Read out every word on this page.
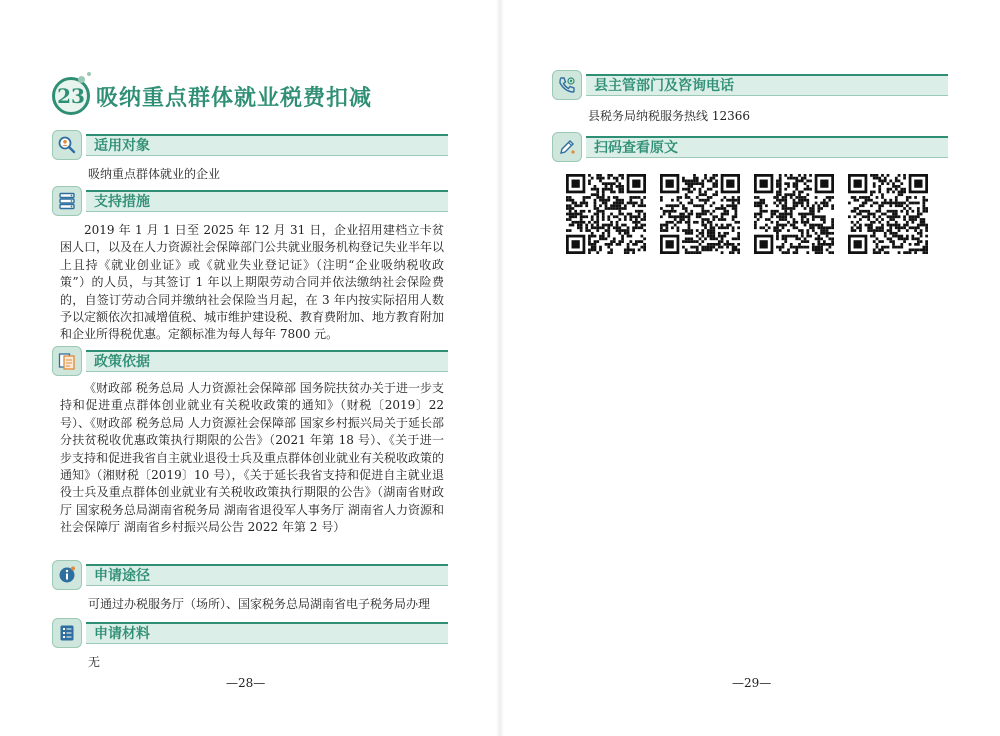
23 吸纳重点群体就业税费扣减
适用对象
吸纳重点群体就业的企业
支持措施
2019 年 1 月 1 日至 2025 年 12 月 31 日，企业招用建档立卡贫困人口，以及在人力资源社会保障部门公共就业服务机构登记失业半年以上且持《就业创业证》或《就业失业登记证》（注明“企业吸纳税收政策”）的人员，与其签订 1 年以上期限劳动合同并依法缴纳社会保险费的，自签订劳动合同并缴纳社会保险当月起，在 3 年内按实际招用人数予以定额依次扣减增值税、城市维护建设税、教育费附加、地方教育附加和企业所得税优惠。定额标准为每人每年 7800 元。
政策依据
《财政部 税务总局 人力资源社会保障部 国务院扶贫办关于进一步支持和促进重点群体创业就业有关税收政策的通知》（财税〔2019〕22 号）、《财政部 税务总局 人力资源社会保障部 国家乡村振兴局关于延长部分扶贫税收优惠政策执行期限的公告》（2021 年第 18 号）、《关于进一步支持和促进我省自主就业退役士兵及重点群体创业就业有关税收政策的通知》（湘财税〔2019〕10 号），《关于延长我省支持和促进自主就业退役士兵及重点群体创业就业有关税收政策执行期限的公告》（湖南省财政厅 国家税务总局湖南省税务局 湖南省退役军人事务厅 湖南省人力资源和社会保障厅 湖南省乡村振兴局公告 2022 年第 2 号）
申请途径
可通过办税服务厅（场所）、国家税务总局湖南省电子税务局办理
申请材料
无
—28—
县主管部门及咨询电话
县税务局纳税服务热线 12366
扫码查看原文
—29—
